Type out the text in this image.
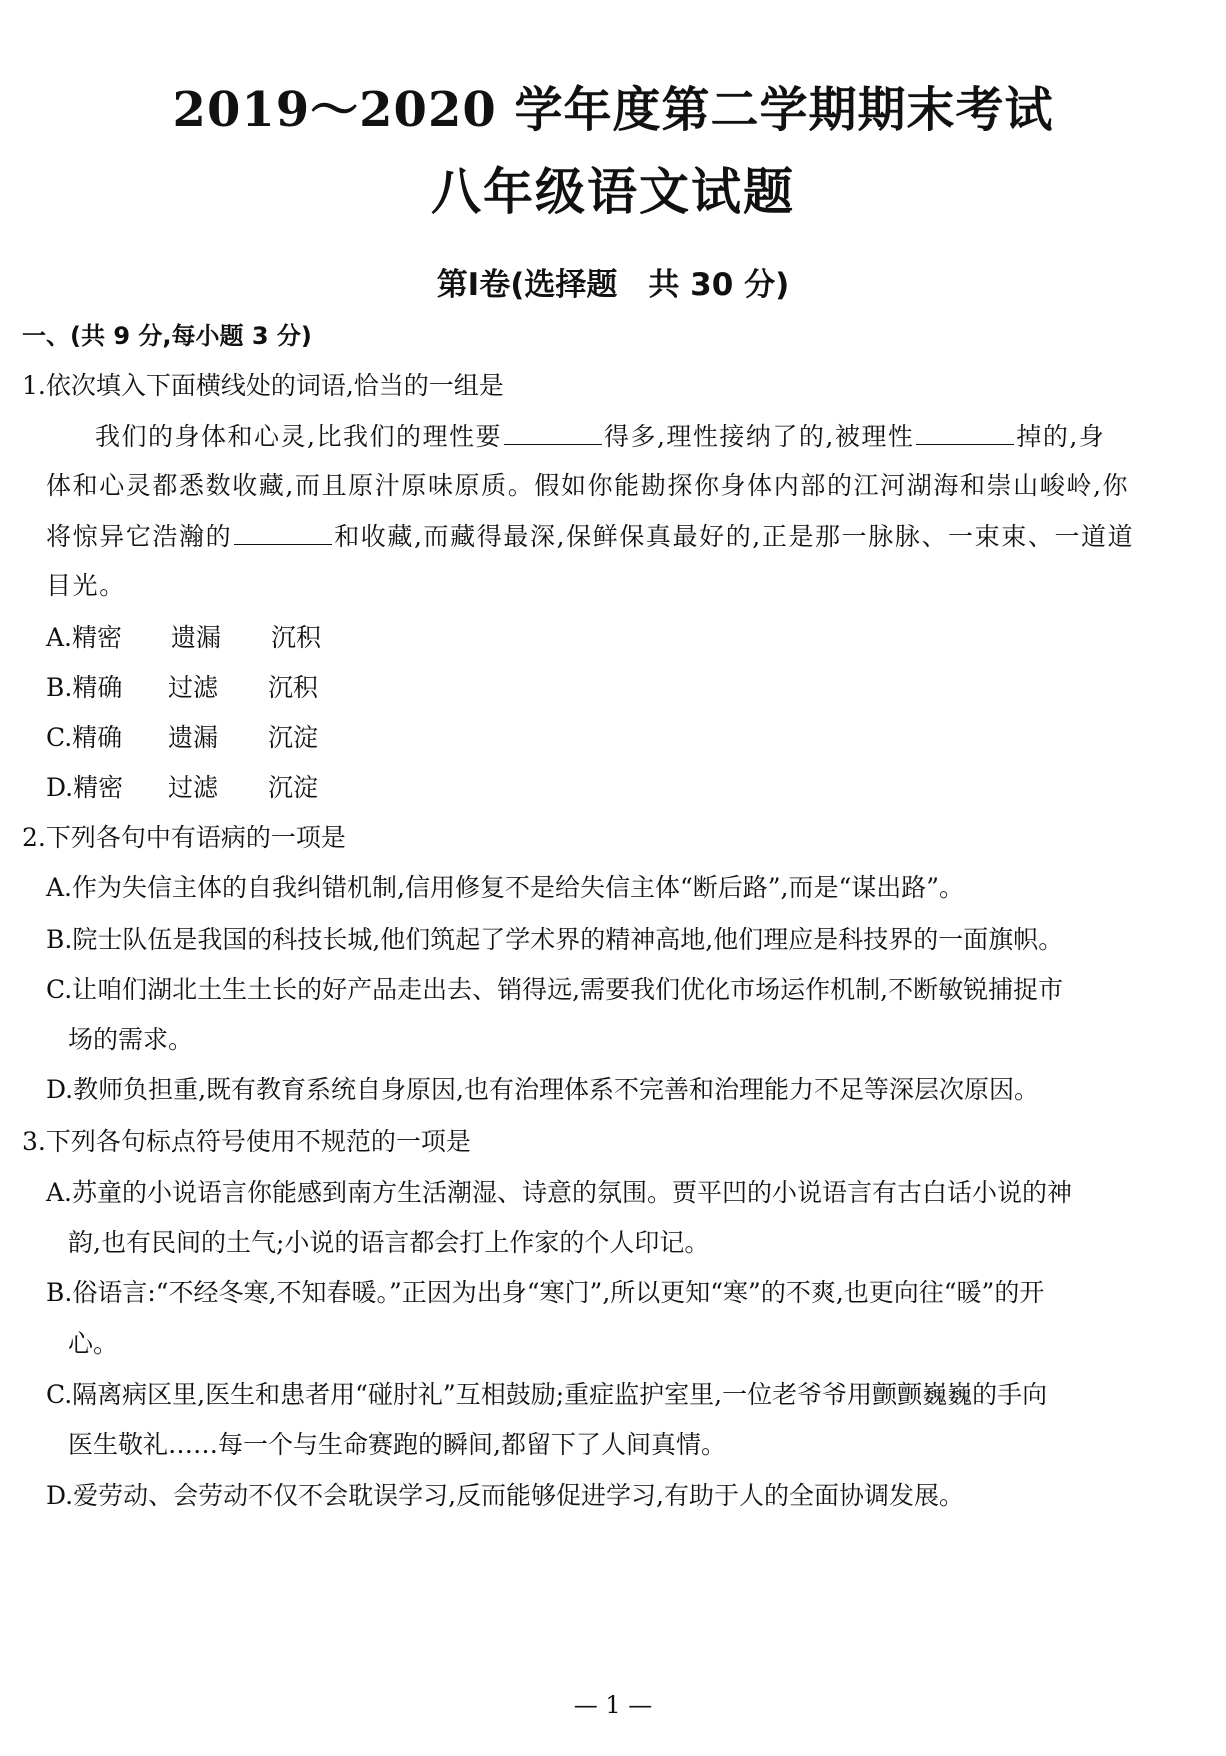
2019～2020 学年度第二学期期末考试
八年级语文试题
第Ⅰ卷(选择题　共 30 分)
一、(共 9 分,每小题 3 分)
1.依次填入下面横线处的词语,恰当的一组是
我们的身体和心灵,比我们的理性要	得多,理性接纳了的,被理性	掉的,身
体和心灵都悉数收藏,而且原汁原味原质。假如你能勘探你身体内部的江河湖海和崇山峻岭,你
将惊异它浩瀚的	和收藏,而藏得最深,保鲜保真最好的,正是那一脉脉、一束束、一道道
目光。
A.精密 遗漏 沉积
B.精确 过滤 沉积
C.精确 遗漏 沉淀
D.精密 过滤 沉淀
2.下列各句中有语病的一项是
A.作为失信主体的自我纠错机制,信用修复不是给失信主体“断后路”,而是“谋出路”。
B.院士队伍是我国的科技长城,他们筑起了学术界的精神高地,他们理应是科技界的一面旗帜。
C.让咱们湖北土生土长的好产品走出去、销得远,需要我们优化市场运作机制,不断敏锐捕捉市
场的需求。
D.教师负担重,既有教育系统自身原因,也有治理体系不完善和治理能力不足等深层次原因。
3.下列各句标点符号使用不规范的一项是
A.苏童的小说语言你能感到南方生活潮湿、诗意的氛围。贾平凹的小说语言有古白话小说的神
韵,也有民间的土气;小说的语言都会打上作家的个人印记。
B.俗语言:“不经冬寒,不知春暖。”正因为出身“寒门”,所以更知“寒”的不爽,也更向往“暖”的开
心。
C.隔离病区里,医生和患者用“碰肘礼”互相鼓励;重症监护室里,一位老爷爷用颤颤巍巍的手向
医生敬礼……每一个与生命赛跑的瞬间,都留下了人间真情。
D.爱劳动、会劳动不仅不会耽误学习,反而能够促进学习,有助于人的全面协调发展。
— 1 —
